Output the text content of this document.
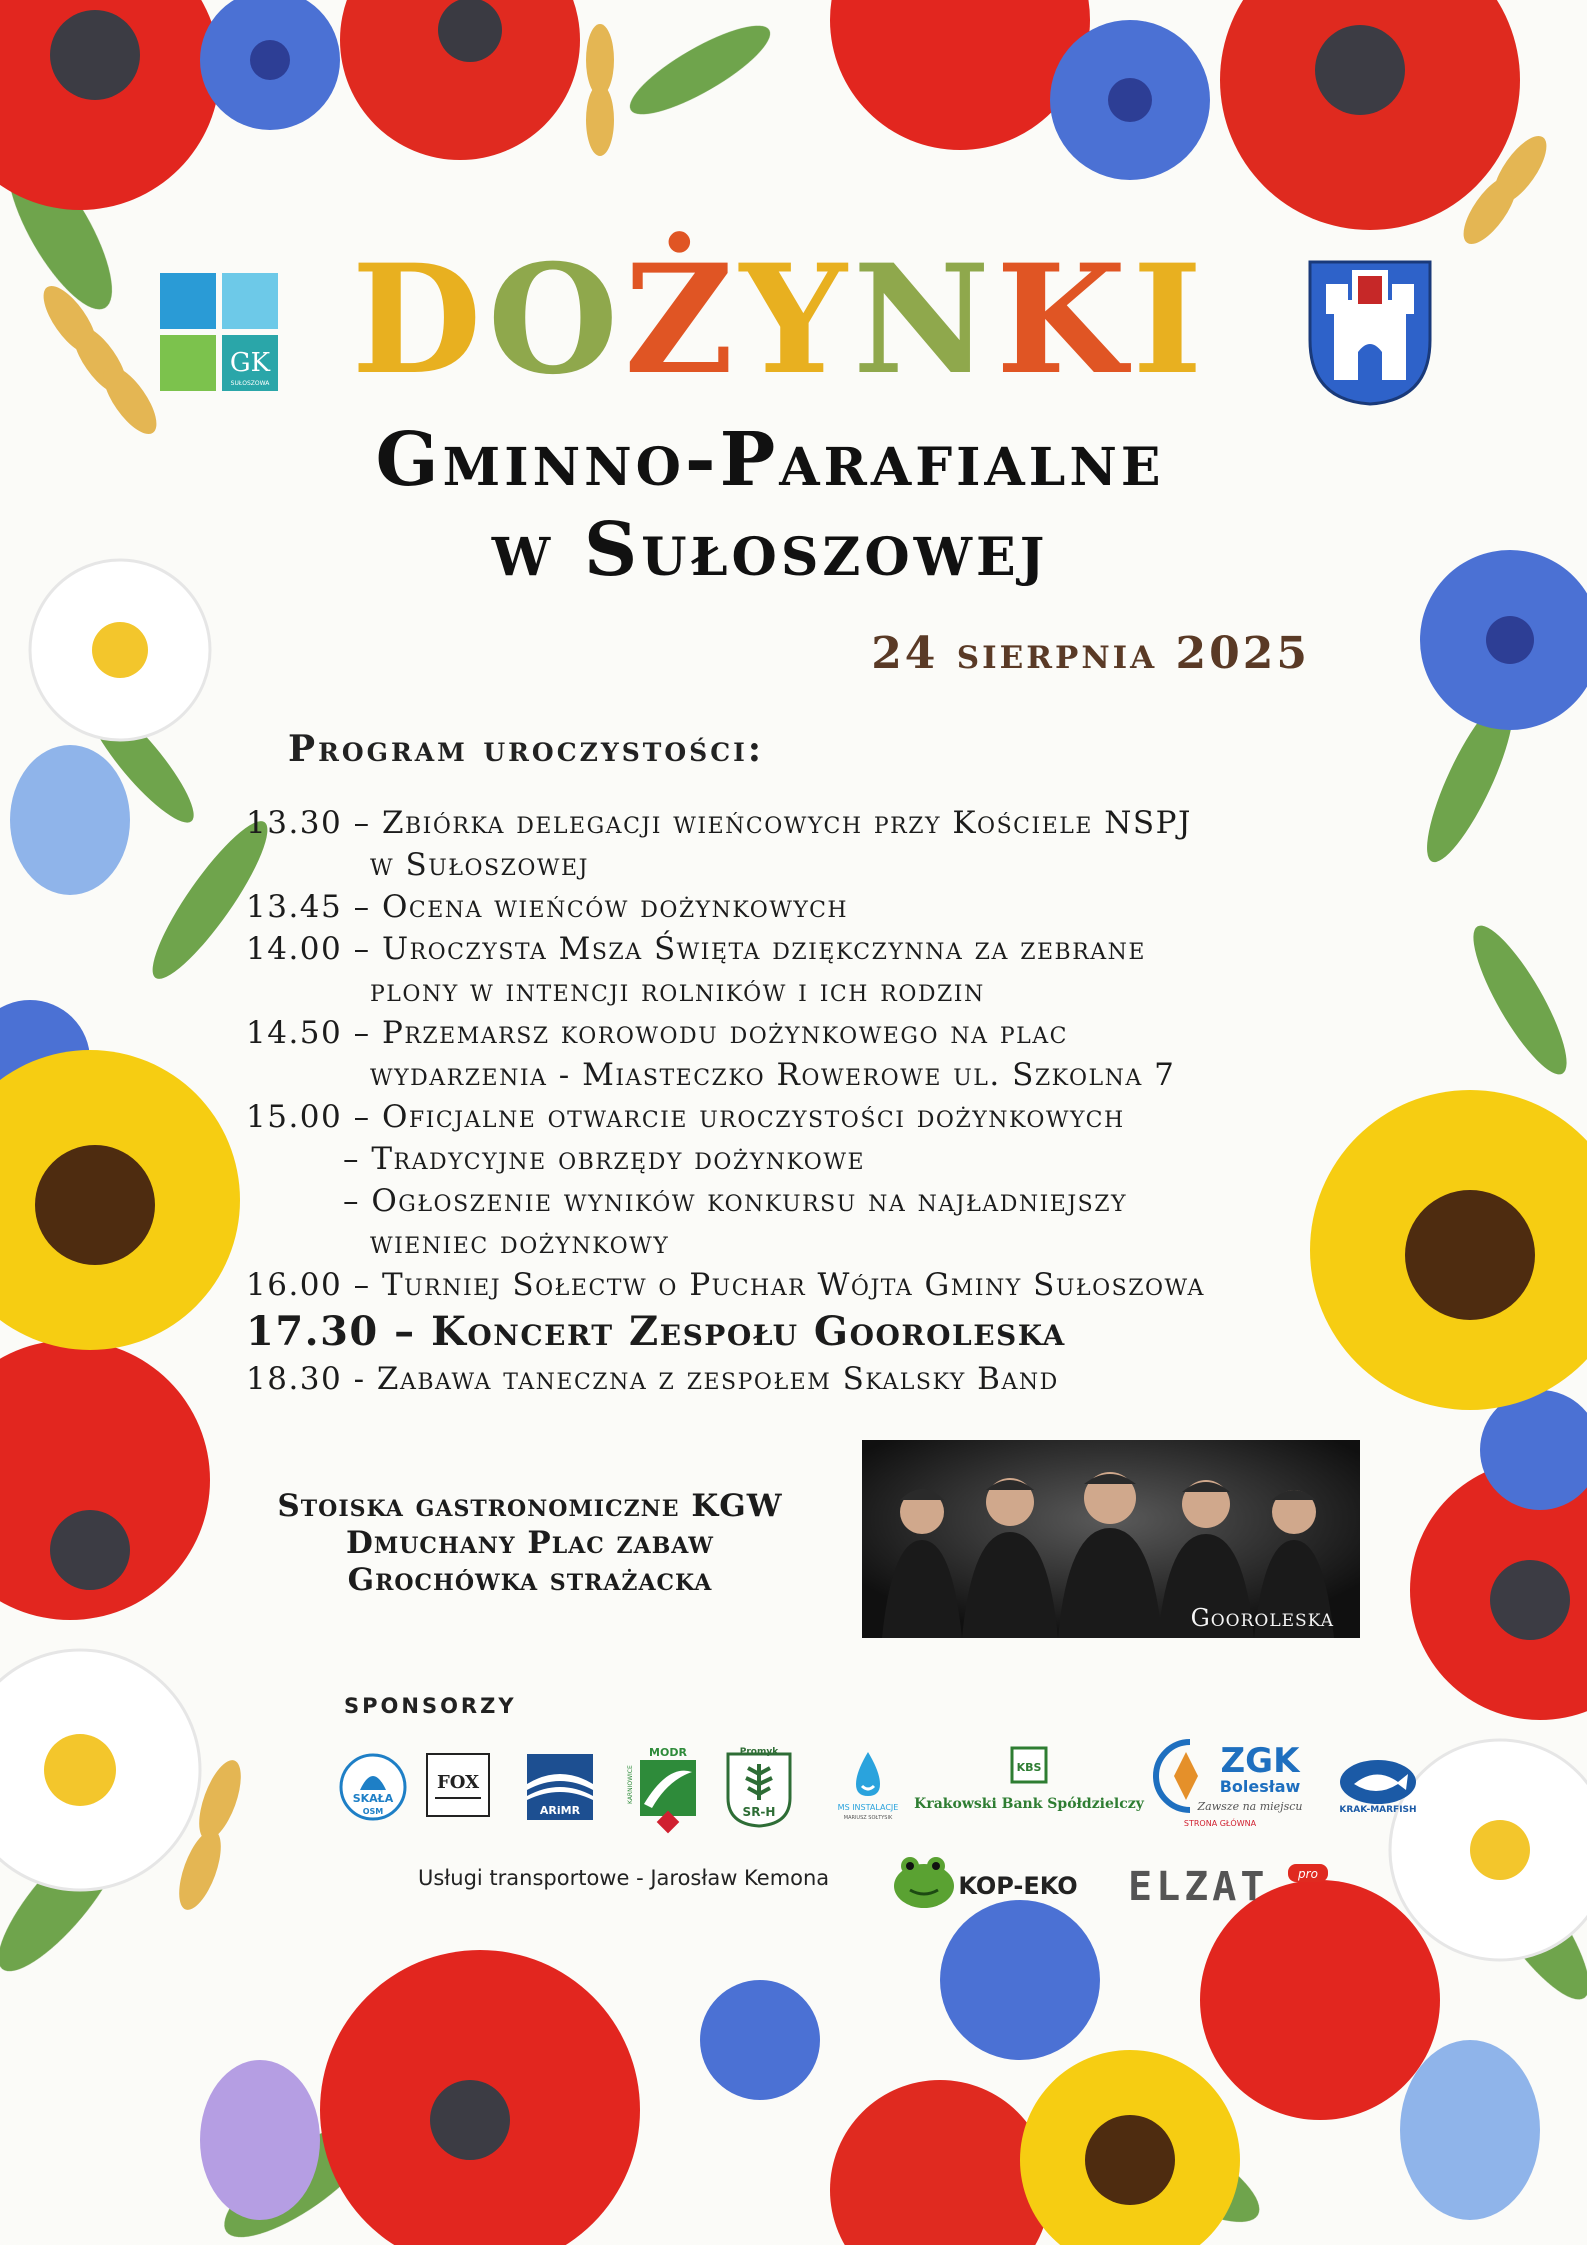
GK
SUŁOSZOWA DOŻYNKI
Gminno-Parafialne
w Sułoszowej
24 sierpnia 2025
Program uroczystości:
13.30 – Zbiórka delegacji wieńcowych przy Kościele NSPJ
w Sułoszowej
13.45 – Ocena wieńców dożynkowych
14.00 – Uroczysta Msza Święta dziękczynna za zebrane
plony w intencji rolników i ich rodzin
14.50 – Przemarsz korowodu dożynkowego na plac
wydarzenia - Miasteczko Rowerowe ul. Szkolna 7
15.00 – Oficjalne otwarcie uroczystości dożynkowych
– Tradycyjne obrzędy dożynkowe
– Ogłoszenie wyników konkursu na najładniejszy
wieniec dożynkowy
16.00 – Turniej Sołectw o Puchar Wójta Gminy Sułoszowa
17.30 – Koncert Zespołu Gooroleska
18.30 - Zabawa taneczna z zespołem Skalsky Band
Stoiska gastronomiczne KGW
Dmuchany Plac zabaw
Grochówka strażacka
Gooroleska
SPONSORZY
SKAŁA
OSM
FOX
ARiMR
MODR
KARNIOWICE
Promyk
SR-H	MS INSTALACJE
MARIUSZ SOŁTYSIK
KBS
Krakowski Bank Spółdzielczy
ZGK
Bolesław
Zawsze na miejscu
STRONA GŁÓWNA
KRAK-MARFISH
Usługi transportowe - Jarosław Kemona	KOP-EKO ELZAT pro
